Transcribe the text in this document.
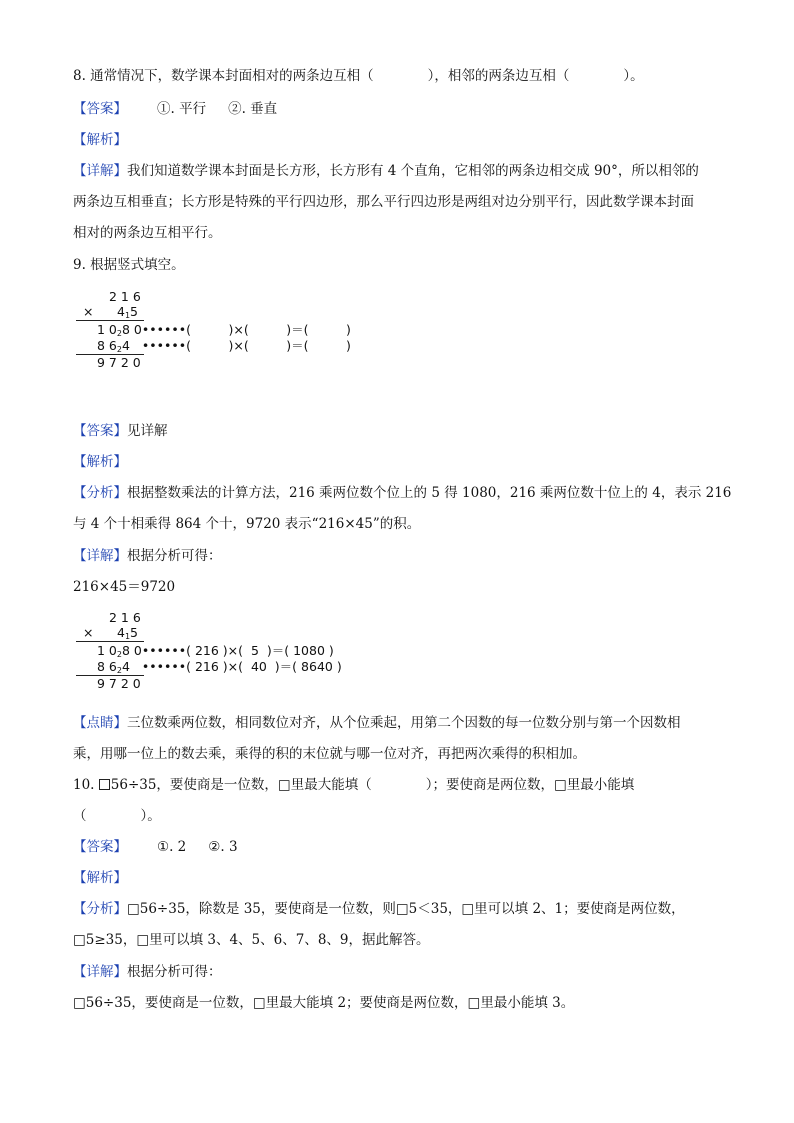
8. 通常情况下，数学课本封面相对的两条边互相（　　　　），相邻的两条边互相（　　　　）。
【答案】 ①. 平行 ②. 垂直
【解析】
【详解】我们知道数学课本封面是长方形，长方形有 4 个直角，它相邻的两条边相交成 90°，所以相邻的
两条边互相垂直；长方形是特殊的平行四边形，那么平行四边形是两组对边分别平行，因此数学课本封面
相对的两条边互相平行。
9. 根据竖式填空。
2 1 6
× $4_15$
1 $0_28$ 0••••••(　　　)×(　　　)＝(　　　)
8 $6_24$ ••••••(　　　)×(　　　)＝(　　　)
9 7 2 0
【答案】见详解
【解析】
【分析】根据整数乘法的计算方法，216 乘两位数个位上的 5 得 1080，216 乘两位数十位上的 4，表示 216
与 4 个十相乘得 864 个十，9720 表示“216×45”的积。
【详解】根据分析可得：
216×45＝9720
2 1 6
× $4_15$
1 $0_28$ 0••••••( 216 )×(  5  )＝( 1080 )
8 $6_24$ ••••••( 216 )×(  40  )＝( 8640 )
9 7 2 0
【点睛】三位数乘两位数，相同数位对齐，从个位乘起，用第二个因数的每一位数分别与第一个因数相
乘，用哪一位上的数去乘，乘得的积的末位就与哪一位对齐，再把两次乘得的积相加。
10. 56÷35，要使商是一位数，□里最大能填（　　　　）；要使商是两位数，□里最小能填
（　　　　）。
【答案】 ①. 2 ②. 3
【解析】
【分析】□56÷35，除数是 35，要使商是一位数，则□5＜35，□里可以填 2、1；要使商是两位数，
□5≥35，□里可以填 3、4、5、6、7、8、9，据此解答。
【详解】根据分析可得：
□56÷35，要使商是一位数，□里最大能填 2；要使商是两位数，□里最小能填 3。
